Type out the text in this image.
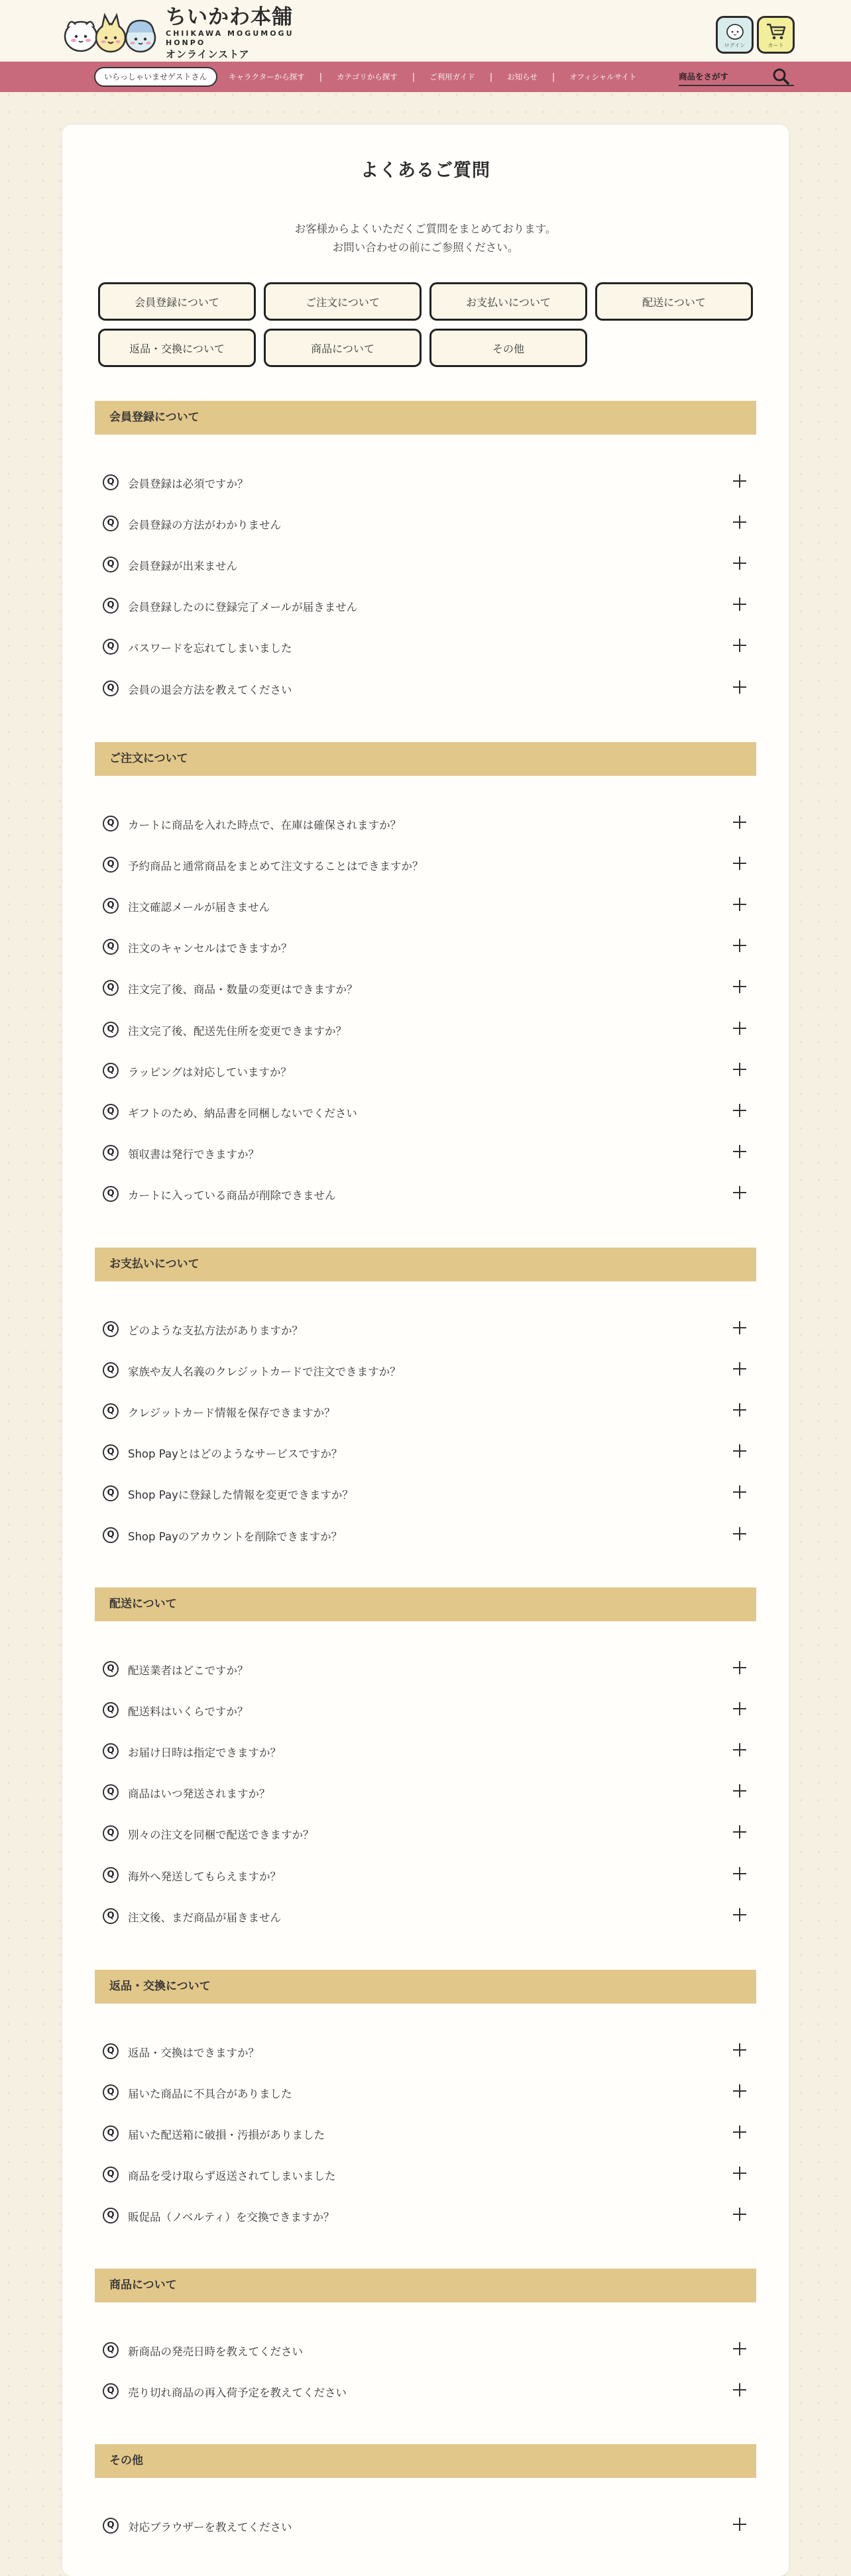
ちいかわ本舗
CHIIKAWA MOGUMOGU HONPO
オンラインストア
ログイン	カート
いらっしゃいませゲストさん	キャラクターから探す | カテゴリから探す | ご利用ガイド | お知らせ | オフィシャルサイト
商品をさがす
よくあるご質問
お客様からよくいただくご質問をまとめております。
お問い合わせの前にご参照ください。
会員登録について	ご注文について	お支払いについて	配送について
返品・交換について	商品について	その他
会員登録について
Q	会員登録は必須ですか？
Q	会員登録の方法がわかりません
Q	会員登録が出来ません
Q	会員登録したのに登録完了メールが届きません
Q	パスワードを忘れてしまいました
Q	会員の退会方法を教えてください
ご注文について
Q	カートに商品を入れた時点で、在庫は確保されますか？
Q	予約商品と通常商品をまとめて注文することはできますか？
Q	注文確認メールが届きません
Q	注文のキャンセルはできますか？
Q	注文完了後、商品・数量の変更はできますか？
Q	注文完了後、配送先住所を変更できますか？
Q	ラッピングは対応していますか？
Q	ギフトのため、納品書を同梱しないでください
Q	領収書は発行できますか？
Q	カートに入っている商品が削除できません
お支払いについて
Q	どのような支払方法がありますか？
Q	家族や友人名義のクレジットカードで注文できますか？
Q	クレジットカード情報を保存できますか？
Q	Shop Payとはどのようなサービスですか？
Q	Shop Payに登録した情報を変更できますか？
Q	Shop Payのアカウントを削除できますか？
配送について
Q	配送業者はどこですか？
Q	配送料はいくらですか？
Q	お届け日時は指定できますか？
Q	商品はいつ発送されますか？
Q	別々の注文を同梱で配送できますか？
Q	海外へ発送してもらえますか？
Q	注文後、まだ商品が届きません
返品・交換について
Q	返品・交換はできますか？
Q	届いた商品に不具合がありました
Q	届いた配送箱に破損・汚損がありました
Q	商品を受け取らず返送されてしまいました
Q	販促品（ノベルティ）を交換できますか？
商品について
Q	新商品の発売日時を教えてください
Q	売り切れ商品の再入荷予定を教えてください
その他
Q	対応ブラウザーを教えてください
